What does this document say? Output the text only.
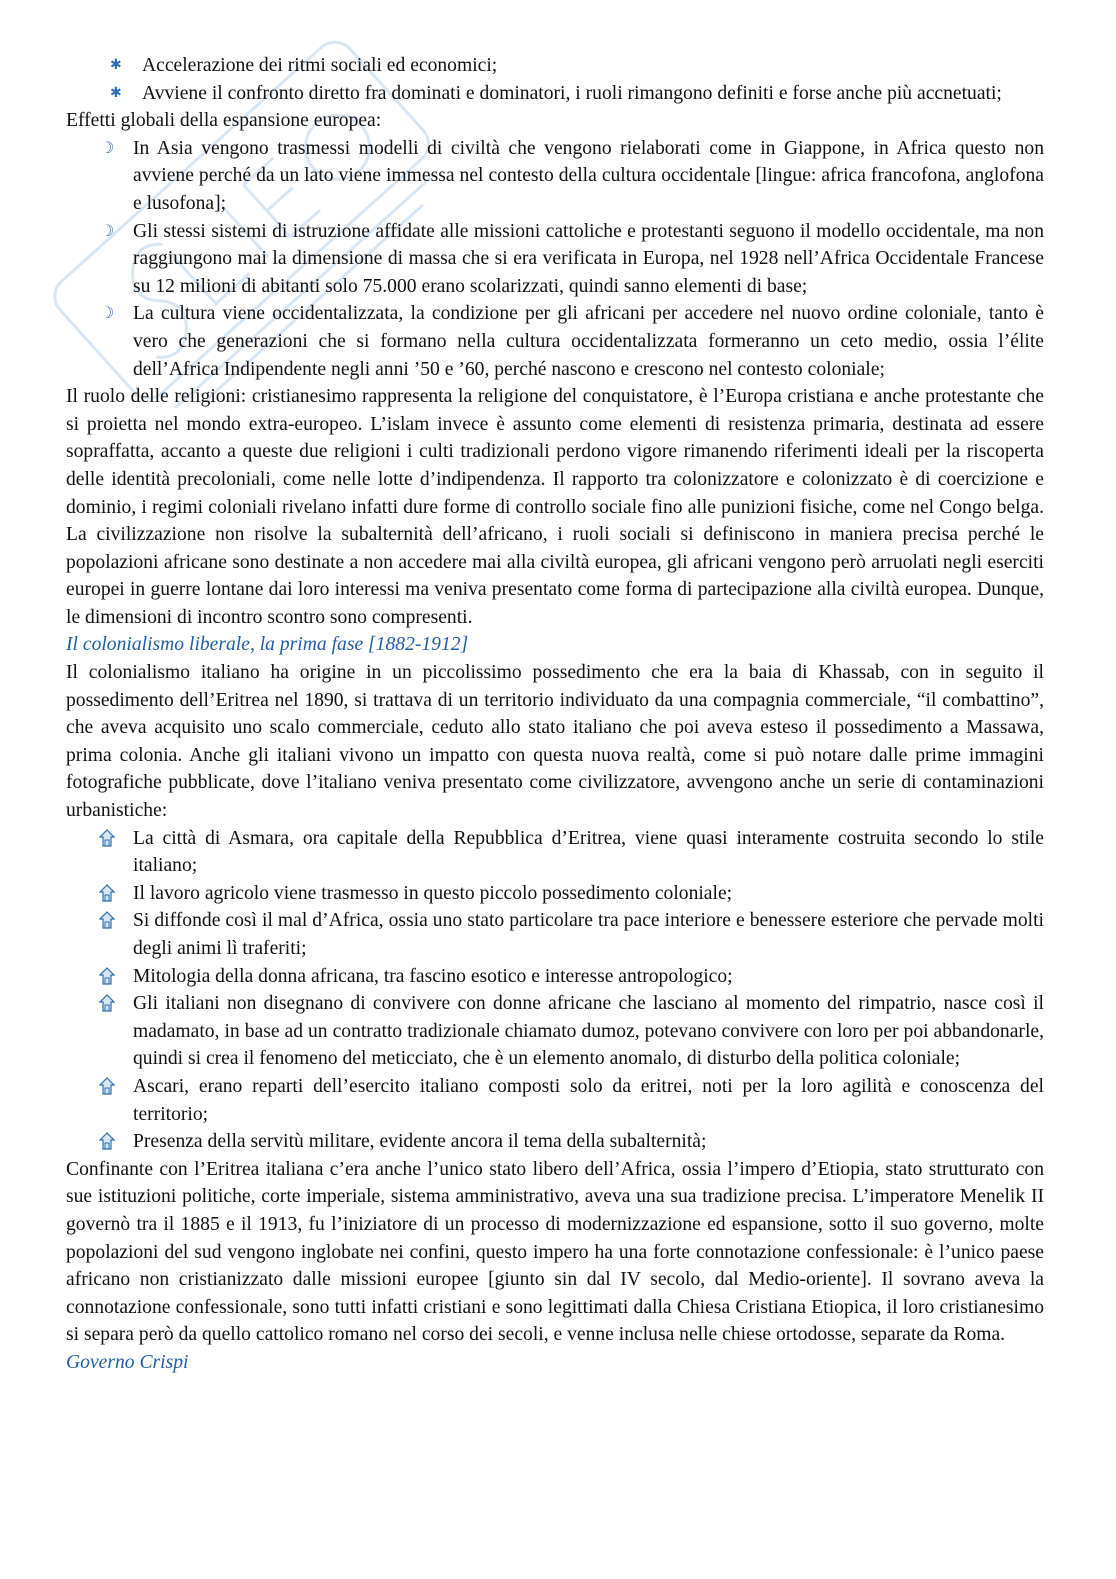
✱ Accelerazione dei ritmi sociali ed economici;
✱ Avviene il confronto diretto fra dominati e dominatori, i ruoli rimangono definiti e forse anche più accnetuati;

Effetti globali della espansione europea:

☽ In Asia vengono trasmessi modelli di civiltà che vengono rielaborati come in Giappone, in Africa questo non avviene perché da un lato viene immessa nel contesto della cultura occidentale [lingue: africa francofona, anglofona e lusofona];
☽ Gli stessi sistemi di istruzione affidate alle missioni cattoliche e protestanti seguono il modello occidentale, ma non raggiungono mai la dimensione di massa che si era verificata in Europa, nel 1928 nell’Africa Occidentale Francese su 12 milioni di abitanti solo 75.000 erano scolarizzati, quindi sanno elementi di base;
☽ La cultura viene occidentalizzata, la condizione per gli africani per accedere nel nuovo ordine coloniale, tanto è vero che generazioni che si formano nella cultura occidentalizzata formeranno un ceto medio, ossia l’élite dell’Africa Indipendente negli anni ’50 e ’60, perché nascono e crescono nel contesto coloniale;

Il ruolo delle religioni: cristianesimo rappresenta la religione del conquistatore, è l’Europa cristiana e anche protestante che si proietta nel mondo extra-europeo. L’islam invece è assunto come elementi di resistenza primaria, destinata ad essere sopraffatta, accanto a queste due religioni i culti tradizionali perdono vigore rimanendo riferimenti ideali per la riscoperta delle identità precoloniali, come nelle lotte d’indipendenza. Il rapporto tra colonizzatore e colonizzato è di coercizione e dominio, i regimi coloniali rivelano infatti dure forme di controllo sociale fino alle punizioni fisiche, come nel Congo belga. La civilizzazione non risolve la subalternità dell’africano, i ruoli sociali si definiscono in maniera precisa perché le popolazioni africane sono destinate a non accedere mai alla civiltà europea, gli africani vengono però arruolati negli eserciti europei in guerre lontane dai loro interessi ma veniva presentato come forma di partecipazione alla civiltà europea. Dunque, le dimensioni di incontro scontro sono compresenti.

Il colonialismo liberale, la prima fase [1882-1912]

Il colonialismo italiano ha origine in un piccolissimo possedimento che era la baia di Khassab, con in seguito il possedimento dell’Eritrea nel 1890, si trattava di un territorio individuato da una compagnia commerciale, “il combattino”, che aveva acquisito uno scalo commerciale, ceduto allo stato italiano che poi aveva esteso il possedimento a Massawa, prima colonia. Anche gli italiani vivono un impatto con questa nuova realtà, come si può notare dalle prime immagini fotografiche pubblicate, dove l’italiano veniva presentato come civilizzatore, avvengono anche un serie di contaminazioni urbanistiche:

La città di Asmara, ora capitale della Repubblica d’Eritrea, viene quasi interamente costruita secondo lo stile italiano;
Il lavoro agricolo viene trasmesso in questo piccolo possedimento coloniale;
Si diffonde così il mal d’Africa, ossia uno stato particolare tra pace interiore e benessere esteriore che pervade molti degli animi lì traferiti;
Mitologia della donna africana, tra fascino esotico e interesse antropologico;
Gli italiani non disegnano di convivere con donne africane che lasciano al momento del rimpatrio, nasce così il madamato, in base ad un contratto tradizionale chiamato dumoz, potevano convivere con loro per poi abbandonarle, quindi si crea il fenomeno del meticciato, che è un elemento anomalo, di disturbo della politica coloniale;
Ascari, erano reparti dell’esercito italiano composti solo da eritrei, noti per la loro agilità e conoscenza del territorio;
Presenza della servitù militare, evidente ancora il tema della subalternità;

Confinante con l’Eritrea italiana c’era anche l’unico stato libero dell’Africa, ossia l’impero d’Etiopia, stato strutturato con sue istituzioni politiche, corte imperiale, sistema amministrativo, aveva una sua tradizione precisa. L’imperatore Menelik II governò tra il 1885 e il 1913, fu l’iniziatore di un processo di modernizzazione ed espansione, sotto il suo governo, molte popolazioni del sud vengono inglobate nei confini, questo impero ha una forte connotazione confessionale: è l’unico paese africano non cristianizzato dalle missioni europee [giunto sin dal IV secolo, dal Medio-oriente]. Il sovrano aveva la connotazione confessionale, sono tutti infatti cristiani e sono legittimati dalla Chiesa Cristiana Etiopica, il loro cristianesimo si separa però da quello cattolico romano nel corso dei secoli, e venne inclusa nelle chiese ortodosse, separate da Roma.

Governo Crispi
